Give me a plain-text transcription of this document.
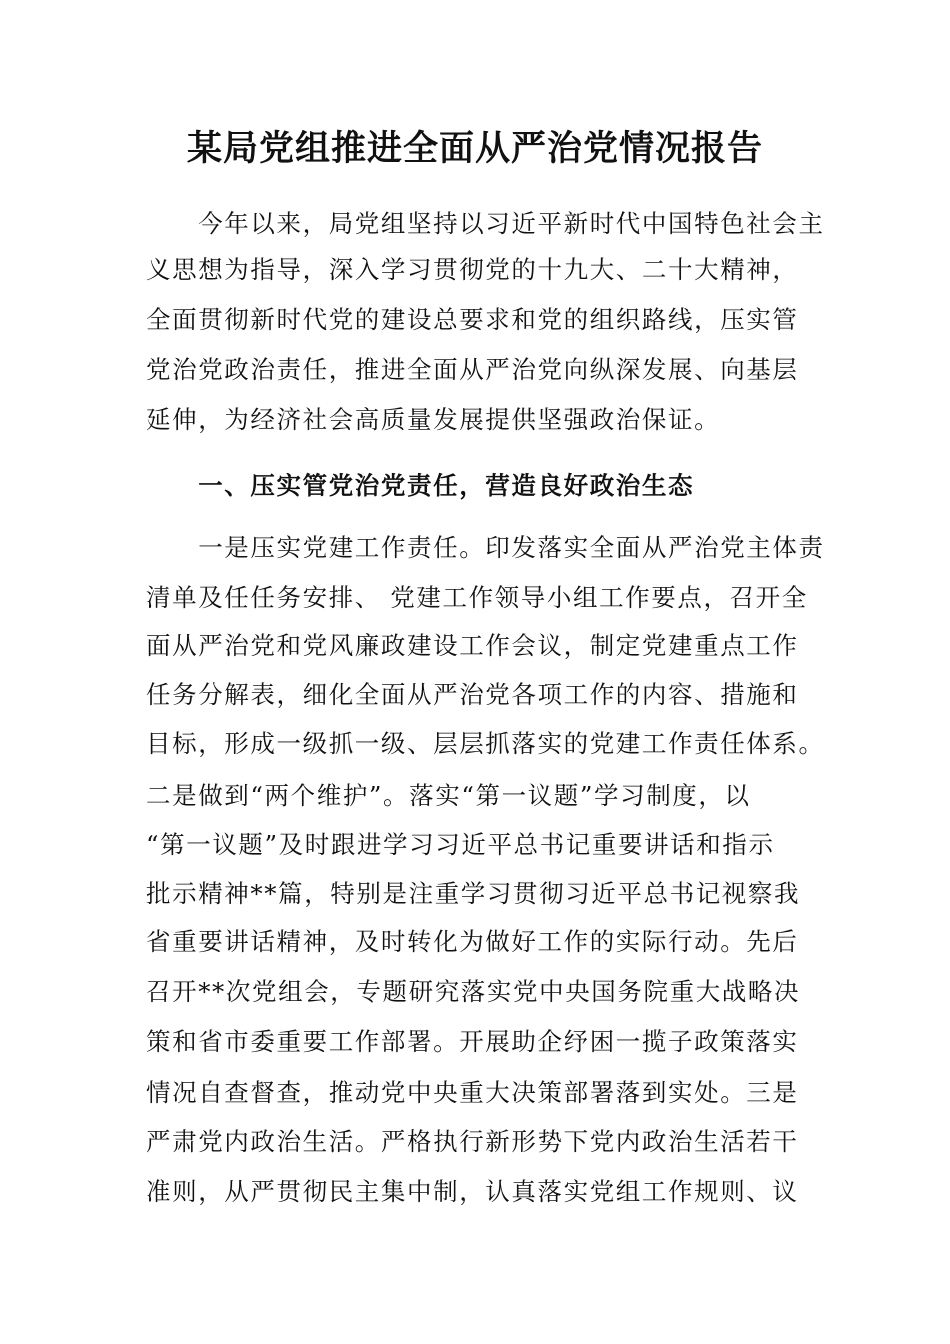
某局党组推进全面从严治党情况报告

　　今年以来，局党组坚持以习近平新时代中国特色社会主

义思想为指导，深入学习贯彻党的十九大、二十大精神，

全面贯彻新时代党的建设总要求和党的组织路线，压实管

党治党政治责任，推进全面从严治党向纵深发展、向基层

延伸，为经济社会高质量发展提供坚强政治保证。

　　一、压实管党治党责任，营造良好政治生态

　　一是压实党建工作责任。印发落实全面从严治党主体责

清单及任任务安排、 党建工作领导小组工作要点，召开全

面从严治党和党风廉政建设工作会议，制定党建重点工作

任务分解表，细化全面从严治党各项工作的内容、措施和

目标，形成一级抓一级、层层抓落实的党建工作责任体系。

二是做到“两个维护”。落实“第一议题”学习制度，以

“第一议题”及时跟进学习习近平总书记重要讲话和指示

批示精神**篇，特别是注重学习贯彻习近平总书记视察我

省重要讲话精神，及时转化为做好工作的实际行动。先后

召开**次党组会，专题研究落实党中央国务院重大战略决

策和省市委重要工作部署。开展助企纾困一揽子政策落实

情况自查督查，推动党中央重大决策部署落到实处。三是

严肃党内政治生活。严格执行新形势下党内政治生活若干

准则，从严贯彻民主集中制，认真落实党组工作规则、议
